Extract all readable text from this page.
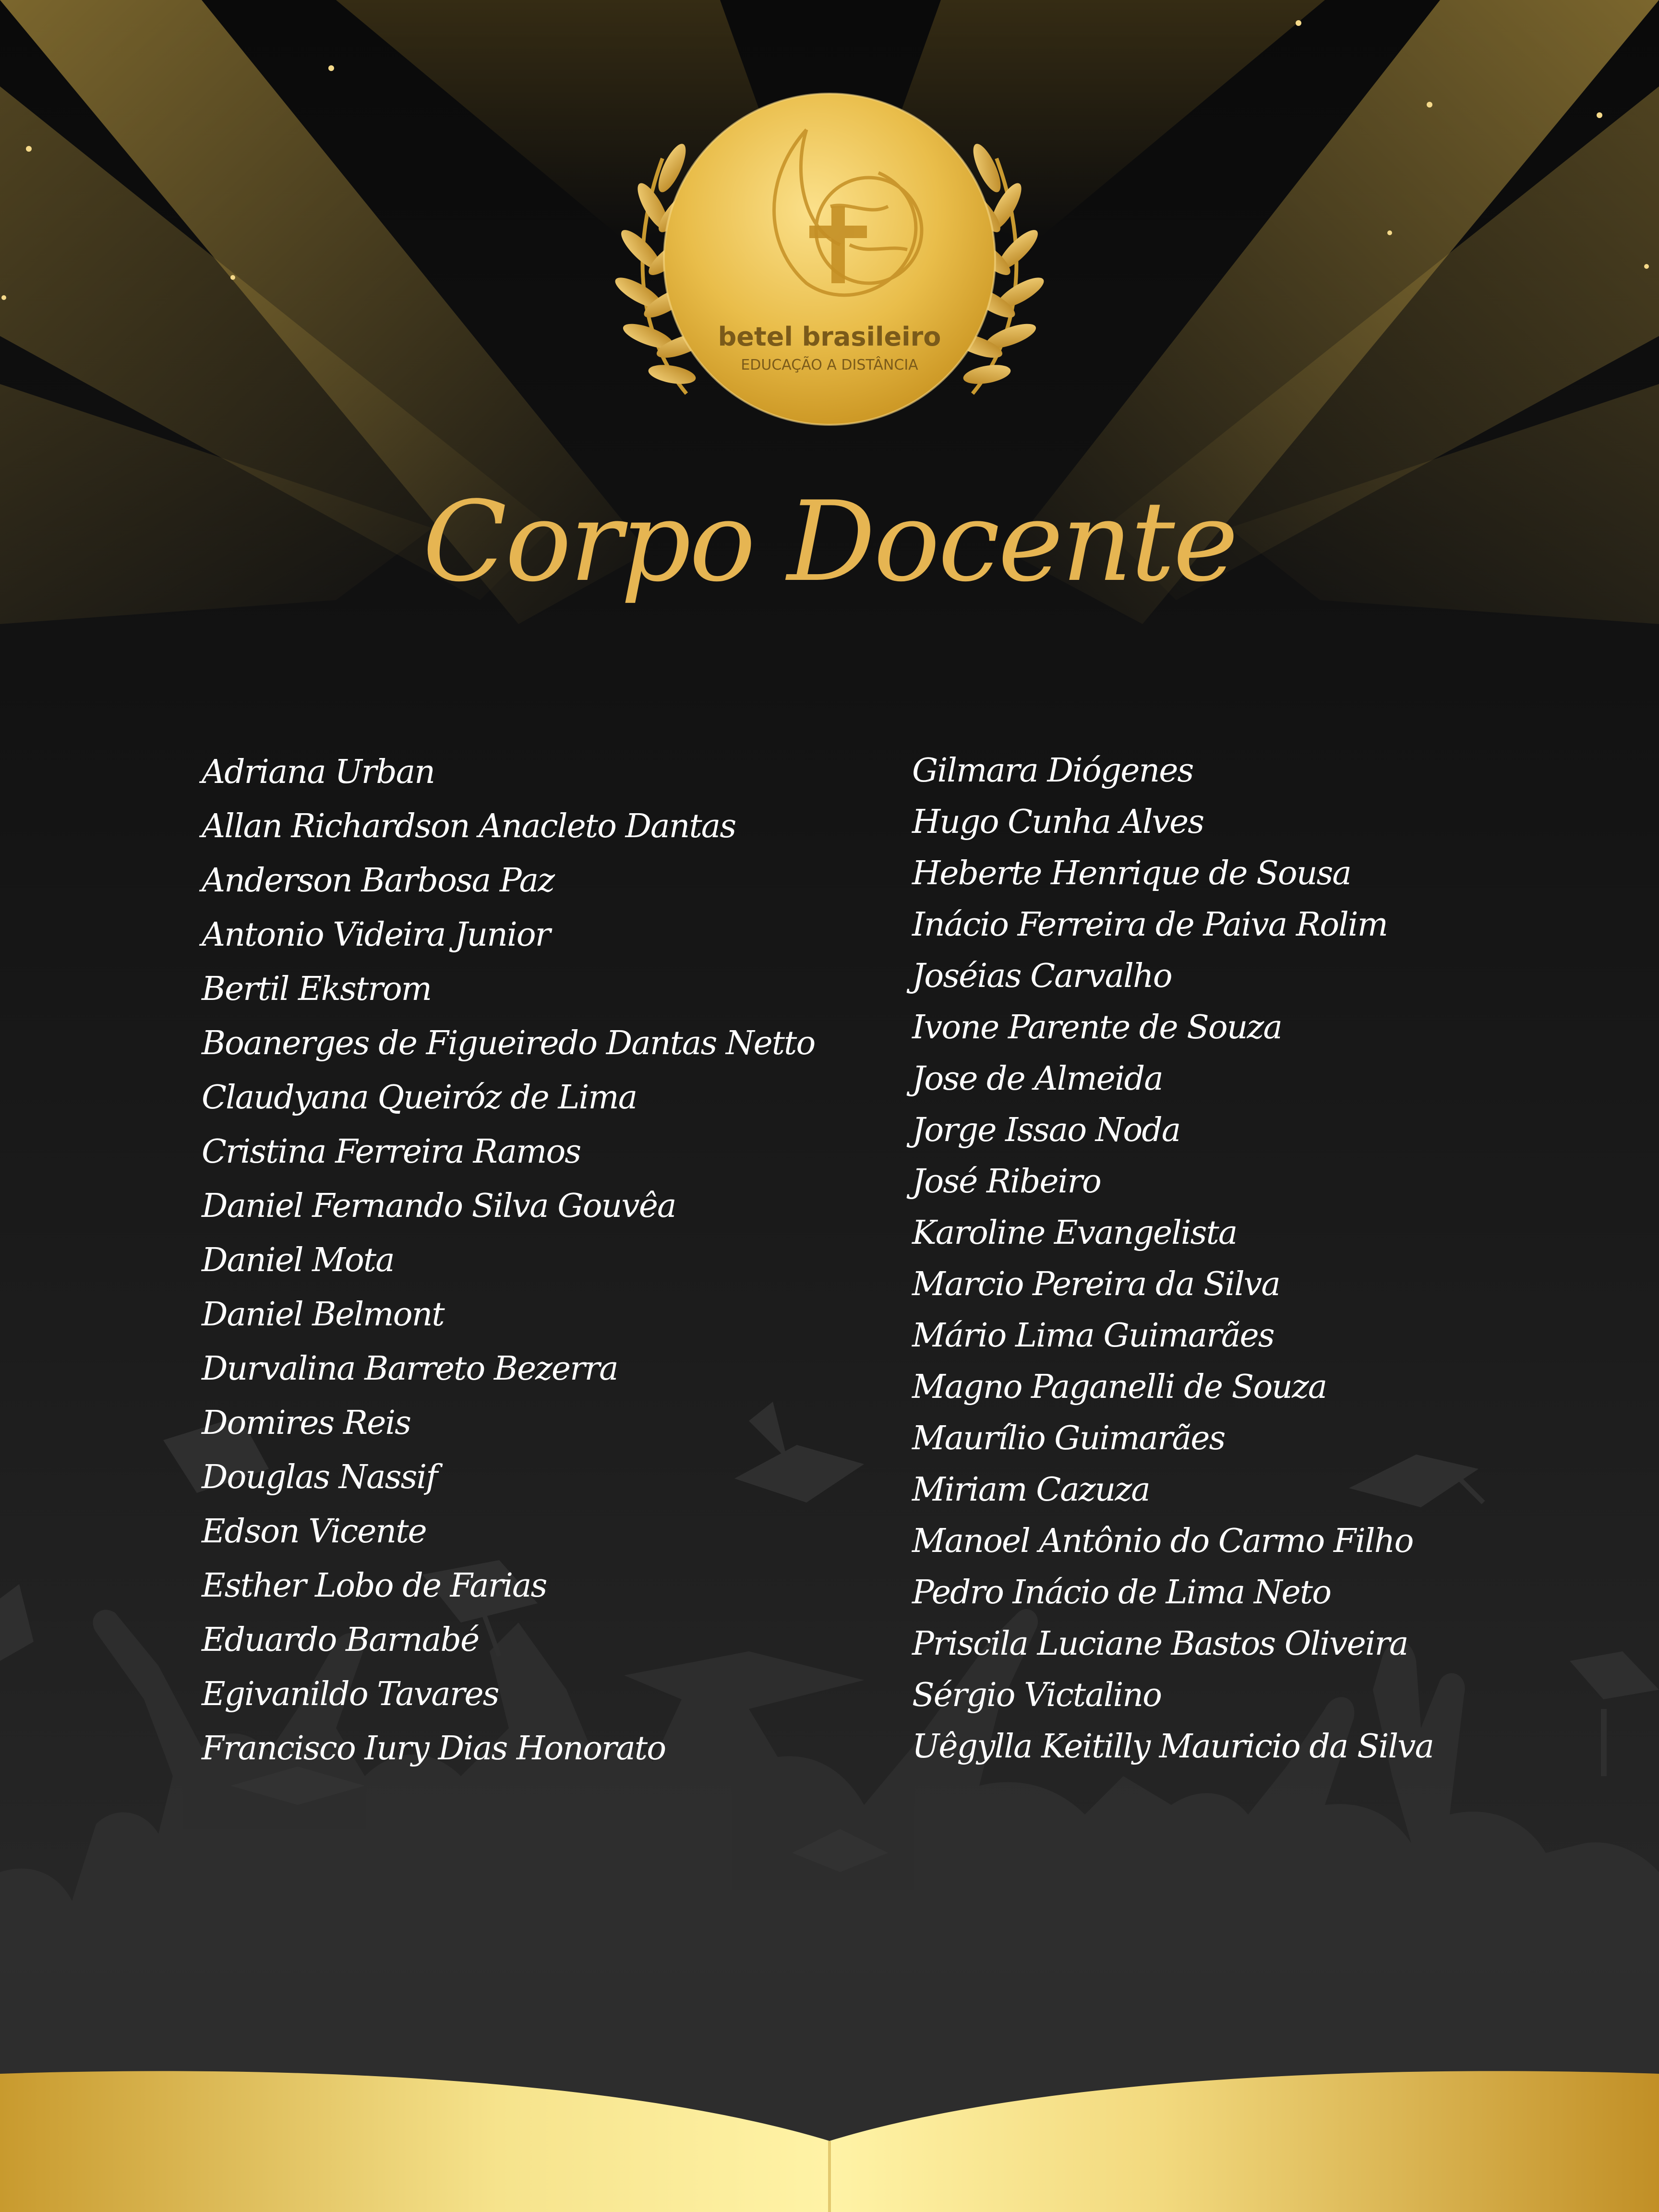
betel brasileiro
EDUCAÇÃO A DISTÂNCIA
Corpo Docente
Adriana Urban
Allan Richardson Anacleto Dantas
Anderson Barbosa Paz
Antonio Videira Junior
Bertil Ekstrom
Boanerges de Figueiredo Dantas Netto
Claudyana Queiróz de Lima
Cristina Ferreira Ramos
Daniel Fernando Silva Gouvêa
Daniel Mota
Daniel Belmont
Durvalina Barreto Bezerra
Domires Reis
Douglas Nassif
Edson Vicente
Esther Lobo de Farias
Eduardo Barnabé
Egivanildo Tavares
Francisco Iury Dias Honorato
Gilmara Diógenes
Hugo Cunha Alves
Heberte Henrique de Sousa
Inácio Ferreira de Paiva Rolim
Joséias Carvalho
Ivone Parente de Souza
Jose de Almeida
Jorge Issao Noda
José Ribeiro
Karoline Evangelista
Marcio Pereira da Silva
Mário Lima Guimarães
Magno Paganelli de Souza
Maurílio Guimarães
Miriam Cazuza
Manoel Antônio do Carmo Filho
Pedro Inácio de Lima Neto
Priscila Luciane Bastos Oliveira
Sérgio Victalino
Uêgylla Keitilly Mauricio da Silva
